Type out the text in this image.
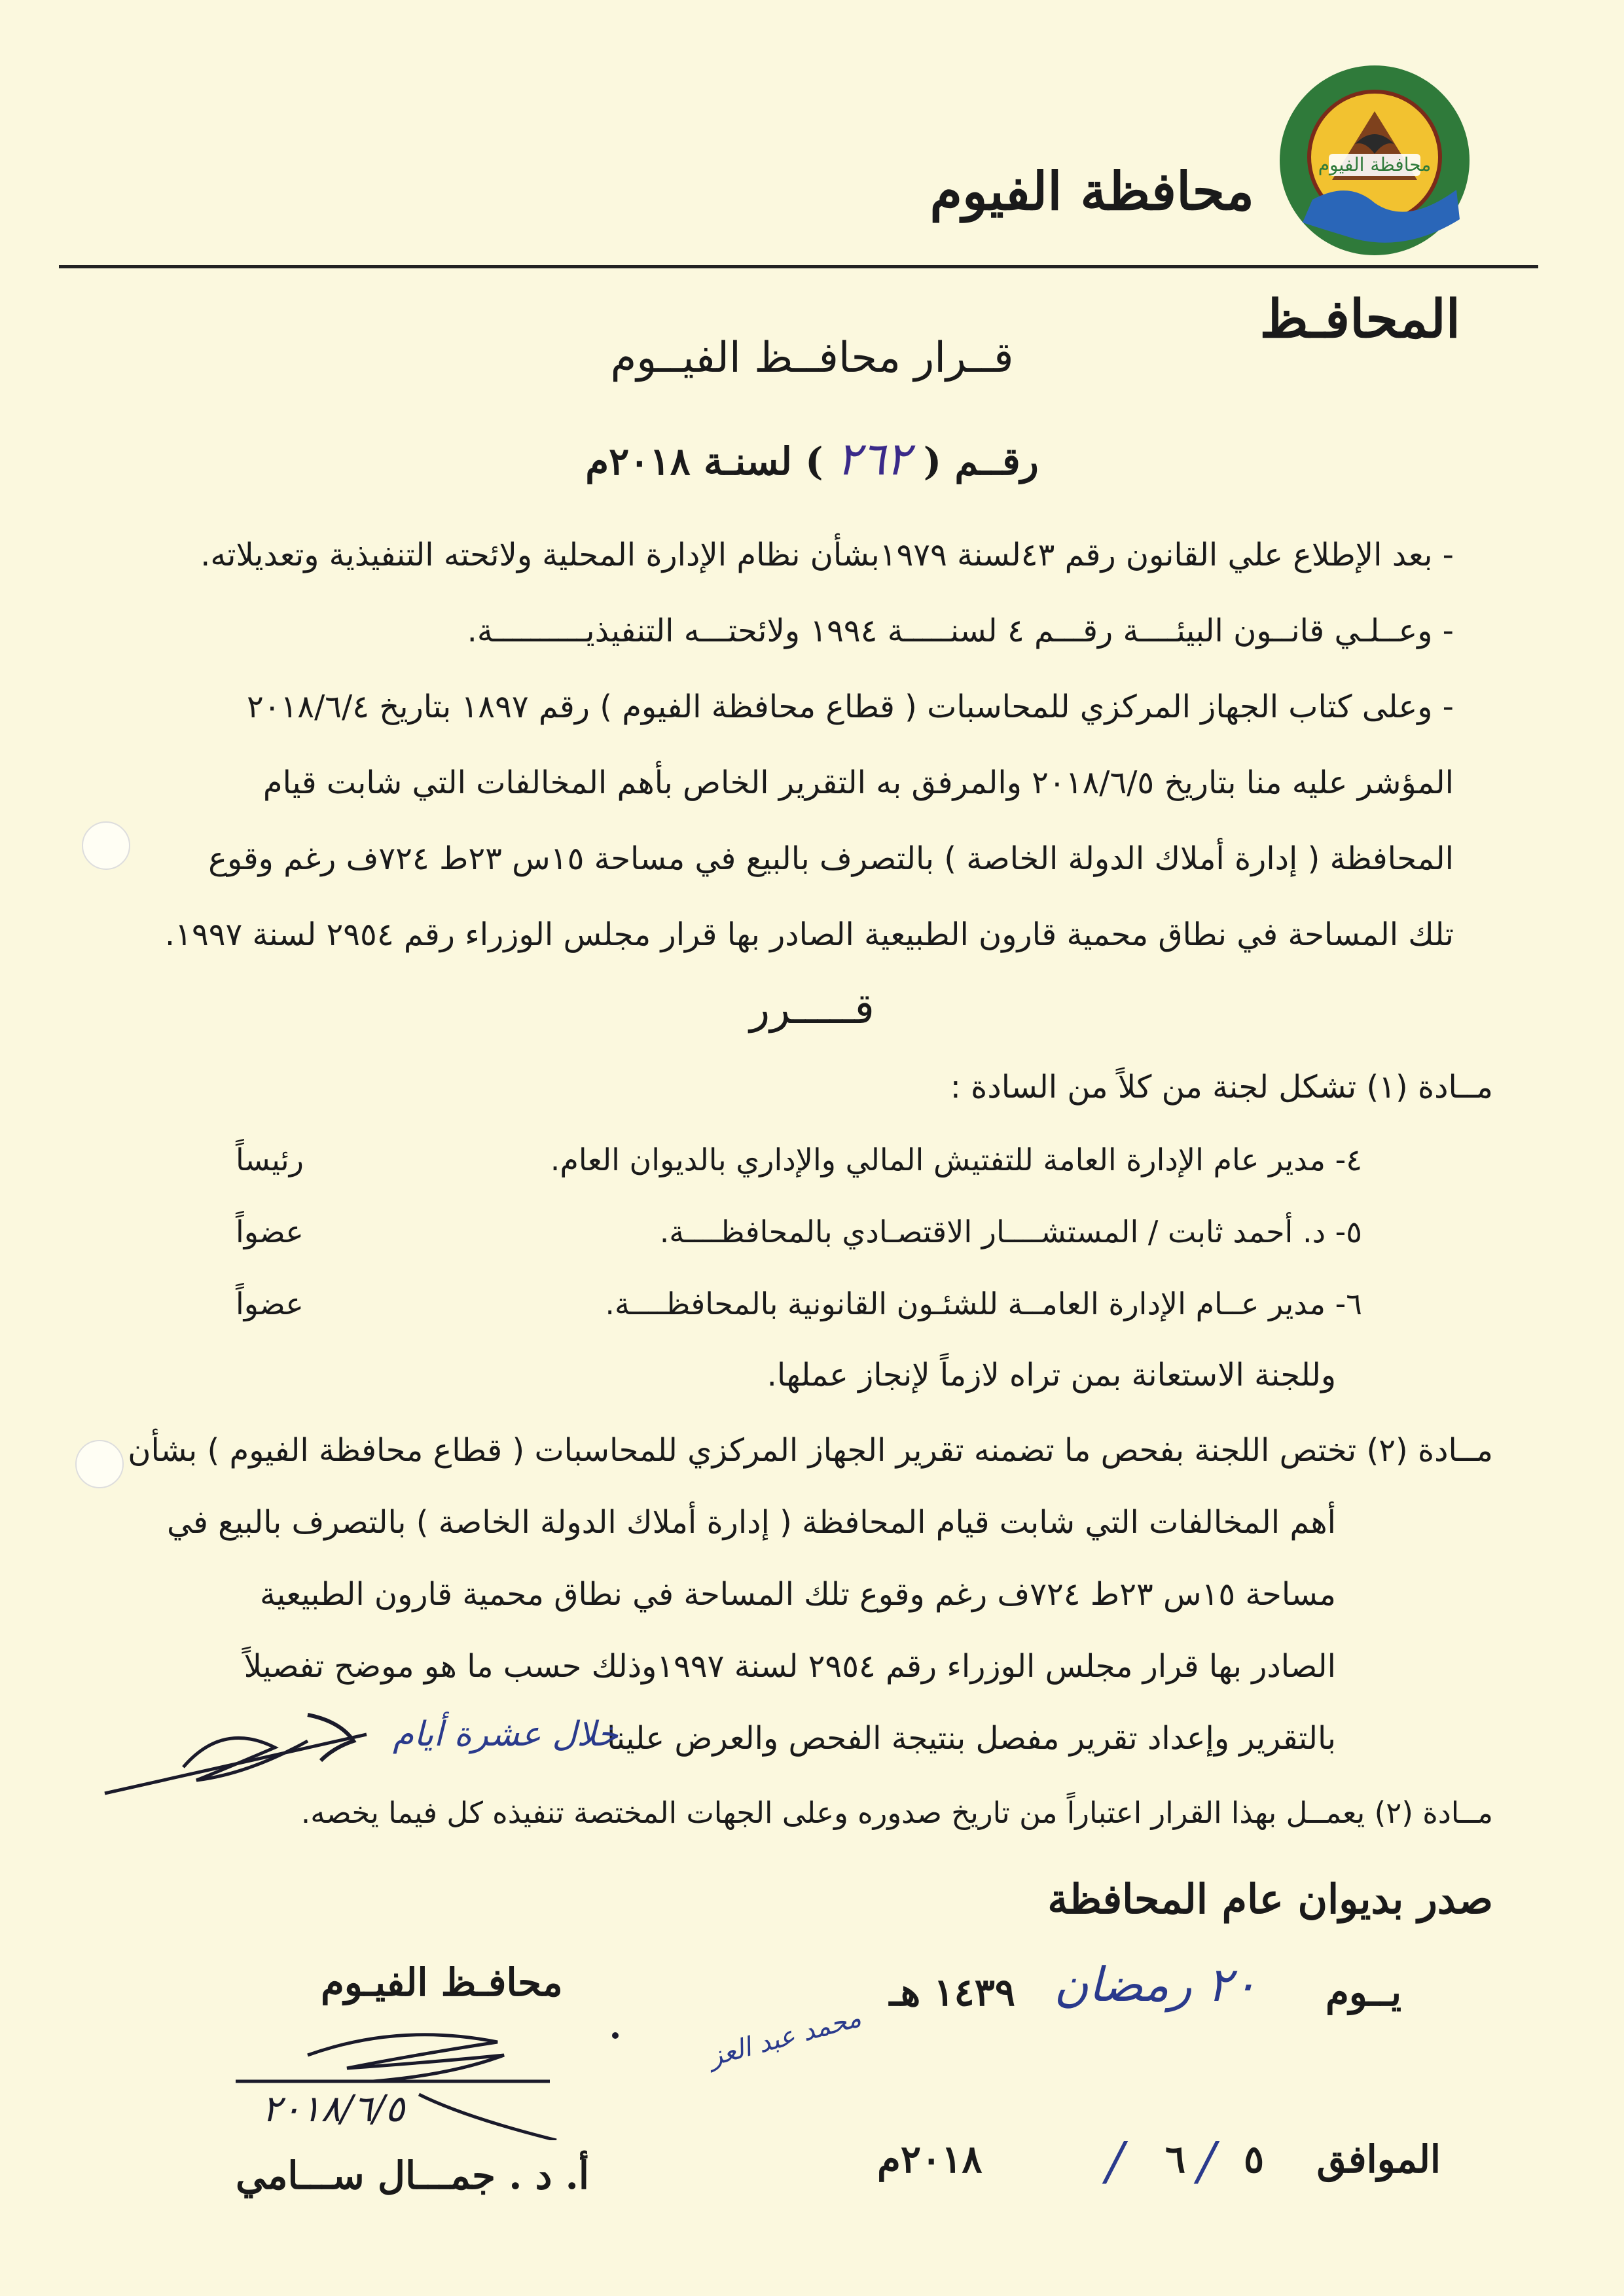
محافظة الفيوم
محافظة الفيوم
المحافـظ
قــرار محافــظ الفيــوم
رقــم ( ٢٦٢ ) لسنـة ٢٠١٨م
- بعد الإطلاع علي القانون رقم ٤٣لسنة ١٩٧٩بشأن نظام الإدارة المحلية ولائحته التنفيذية وتعديلاته.
- وعــلـي قانــون البيئــــة رقـــم ٤ لسنـــــة ١٩٩٤ ولائحتـــه التنفيذيــــــــــة.
- وعلى كتاب الجهاز المركزي للمحاسبات ( قطاع محافظة الفيوم ) رقم ١٨٩٧ بتاريخ ٢٠١٨/٦/٤
المؤشر عليه منا بتاريخ ٢٠١٨/٦/٥ والمرفق به التقرير الخاص بأهم المخالفات التي شابت قيام
المحافظة ( إدارة أملاك الدولة الخاصة ) بالتصرف بالبيع في مساحة ١٥س ٢٣ط ٧٢٤ف رغم وقوع
تلك المساحة في نطاق محمية قارون الطبيعية الصادر بها قرار مجلس الوزراء رقم ٢٩٥٤ لسنة ١٩٩٧.
قـــــرر
مــادة (١) تشكل لجنة من كلاً من السادة :
٤- مدير عام الإدارة العامة للتفتيش المالي والإداري بالديوان العام.
رئيساً
٥- د. أحمد ثابت / المستشــــار الاقتصـادي بالمحافظــــة.
عضواً
٦- مدير عــام الإدارة العامــة للشئـون القانونية بالمحافظــــة.
عضواً
وللجنة الاستعانة بمن تراه لازماً لإنجاز عملها.
مــادة (٢) تختص اللجنة بفحص ما تضمنه تقرير الجهاز المركزي للمحاسبات ( قطاع محافظة الفيوم ) بشأن
أهم المخالفات التي شابت قيام المحافظة ( إدارة أملاك الدولة الخاصة ) بالتصرف بالبيع في
مساحة ١٥س ٢٣ط ٧٢٤ف رغم وقوع تلك المساحة في نطاق محمية قارون الطبيعية
الصادر بها قرار مجلس الوزراء رقم ٢٩٥٤ لسنة ١٩٩٧وذلك حسب ما هو موضح تفصيلاً
بالتقرير وإعداد تقرير مفصل بنتيجة الفحص والعرض علينا
خلال عشرة أيام
مــادة (٢) يعمــل بهذا القرار اعتباراً من تاريخ صدوره وعلى الجهات المختصة تنفيذه كل فيما يخصه.
صدر بديوان عام المحافظة
يــوم
٢٠ رمضان
١٤٣٩ هـ
محافـظ الفيـوم
محمد عبد العز
٢٠١٨/٦/٥
الموافق
٥
/
٦
/
٢٠١٨م
أ. د . جمـــال ســـامي
